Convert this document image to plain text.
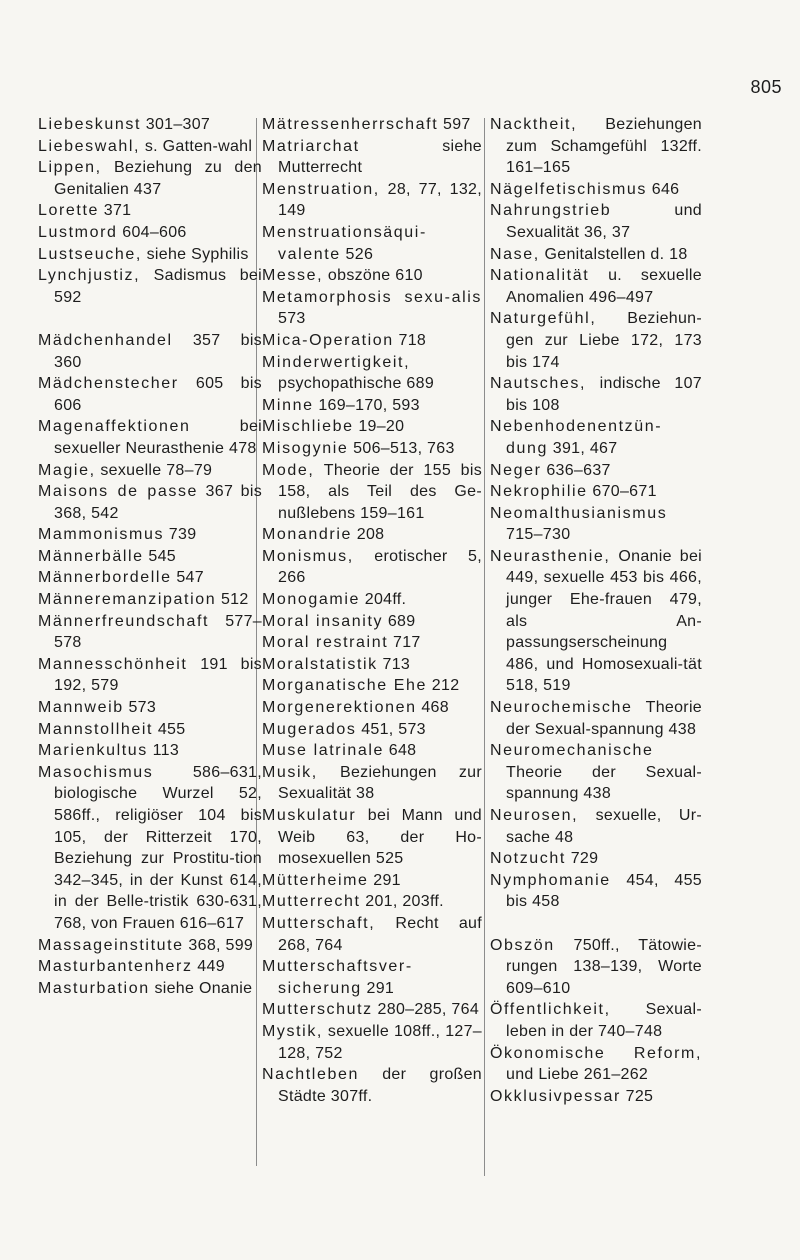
805
Liebeskunst 301–307
Liebeswahl, s. Gatten-wahl
Lippen, Beziehung zu den Genitalien 437
Lorette 371
Lustmord 604–606
Lustseuche, siehe Syphilis
Lynchjustiz, Sadismus bei 592
Mädchenhandel 357 bis 360
Mädchenstecher 605 bis 606
Magenaffektionen bei sexueller Neurasthenie 478
Magie, sexuelle 78–79
Maisons de passe 367 bis 368, 542
Mammonismus 739
Männerbälle 545
Männerbordelle 547
Männeremanzipation 512
Männerfreundschaft 577–578
Mannesschönheit 191 bis 192, 579
Mannweib 573
Mannstollheit 455
Marienkultus 113
Masochismus 586–631, biologische Wurzel 52, 586ff., religiöser 104 bis 105, der Ritterzeit 170, Beziehung zur Prostitu-tion 342–345, in der Kunst 614, in der Belle-tristik 630-631, 768, von Frauen 616–617
Massageinstitute 368, 599
Masturbantenherz 449
Masturbation siehe Onanie
Mätressenherrschaft 597
Matriarchat siehe Mutterrecht
Menstruation, 28, 77, 132, 149
Menstruationsäqui-valente 526
Messe, obszöne 610
Metamorphosis sexu-alis 573
Mica-Operation 718
Minderwertigkeit, psychopathische 689
Minne 169–170, 593
Mischliebe 19–20
Misogynie 506–513, 763
Mode, Theorie der 155 bis 158, als Teil des Ge-nußlebens 159–161
Monandrie 208
Monismus, erotischer 5, 266
Monogamie 204ff.
Moral insanity 689
Moral restraint 717
Moralstatistik 713
Morganatische Ehe 212
Morgenerektionen 468
Mugerados 451, 573
Muse latrinale 648
Musik, Beziehungen zur Sexualität 38
Muskulatur bei Mann und Weib 63, der Ho-mosexuellen 525
Mütterheime 291
Mutterrecht 201, 203ff.
Mutterschaft, Recht auf 268, 764
Mutterschaftsver-sicherung 291
Mutterschutz 280–285, 764
Mystik, sexuelle 108ff., 127–128, 752
Nachtleben der großen Städte 307ff.
Nacktheit, Beziehungen zum Schamgefühl 132ff. 161–165
Nägelfetischismus 646
Nahrungstrieb und Sexualität 36, 37
Nase, Genitalstellen d. 18
Nationalität u. sexuelle Anomalien 496–497
Naturgefühl, Beziehun-gen zur Liebe 172, 173 bis 174
Nautsches, indische 107 bis 108
Nebenhodenentzün-dung 391, 467
Neger 636–637
Nekrophilie 670–671
Neomalthusianismus 715–730
Neurasthenie, Onanie bei 449, sexuelle 453 bis 466, junger Ehe-frauen 479, als An-passungserscheinung 486, und Homosexuali-tät 518, 519
Neurochemische Theorie der Sexual-spannung 438
Neuromechanische Theorie der Sexual-spannung 438
Neurosen, sexuelle, Ur-sache 48
Notzucht 729
Nymphomanie 454, 455 bis 458
Obszön 750ff., Tätowie-rungen 138–139, Worte 609–610
Öffentlichkeit, Sexual-leben in der 740–748
Ökonomische Reform, und Liebe 261–262
Okklusivpessar 725
